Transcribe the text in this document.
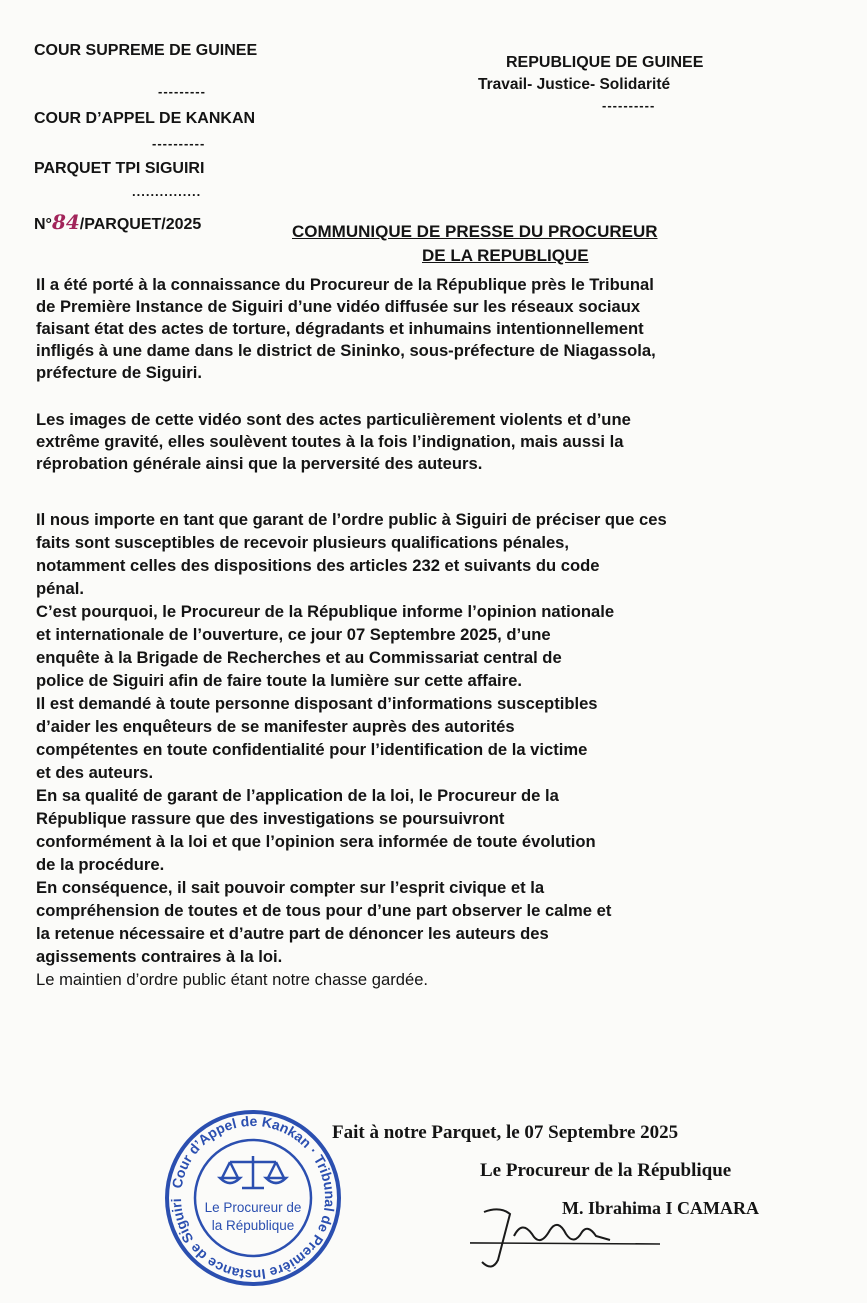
COUR SUPREME DE GUINEE
---------
COUR D’APPEL DE KANKAN
----------
PARQUET TPI SIGUIRI
...............
N°84/PARQUET/2025
REPUBLIQUE DE GUINEE
Travail- Justice- Solidarité
----------
COMMUNIQUE DE PRESSE DU PROCUREUR
DE LA REPUBLIQUE
Il a été porté à la connaissance du Procureur de la République près le Tribunal
de Première Instance de Siguiri d’une vidéo diffusée sur les réseaux sociaux
faisant état des actes de torture, dégradants et inhumains intentionnellement
infligés à une dame dans le district de Sininko, sous-préfecture de Niagassola,
préfecture de Siguiri.
Les images de cette vidéo sont des actes particulièrement violents et d’une
extrême gravité, elles soulèvent toutes à la fois l’indignation, mais aussi la
réprobation générale ainsi que la perversité des auteurs.

Il nous importe en tant que garant de l’ordre public à Siguiri de préciser que ces
faits sont susceptibles de recevoir plusieurs qualifications pénales,
notamment celles des dispositions des articles 232 et suivants du code
pénal.

C’est pourquoi, le Procureur de la République informe l’opinion nationale
et internationale de l’ouverture, ce jour 07 Septembre 2025, d’une
enquête à la Brigade de Recherches et au Commissariat central de
police de Siguiri afin de faire toute la lumière sur cette affaire.

Il est demandé à toute personne disposant d’informations susceptibles
d’aider les enquêteurs de se manifester auprès des autorités
compétentes en toute confidentialité pour l’identification de la victime
et des auteurs.

En sa qualité de garant de l’application de la loi, le Procureur de la
République rassure que des investigations se poursuivront
conformément à la loi et que l’opinion sera informée de toute évolution
de la procédure.

En conséquence, il sait pouvoir compter sur l’esprit civique et la
compréhension de toutes et de tous pour d’une part observer le calme et
la retenue nécessaire et d’autre part de dénoncer les auteurs des
agissements contraires à la loi.

Le maintien d’ordre public étant notre chasse gardée.

Fait à notre Parquet, le 07 Septembre 2025
Le Procureur de la République
M. Ibrahima I CAMARA
Cour d’Appel de Kankan · Tribunal de Première Instance de Siguiri	Le Procureur de
la République
